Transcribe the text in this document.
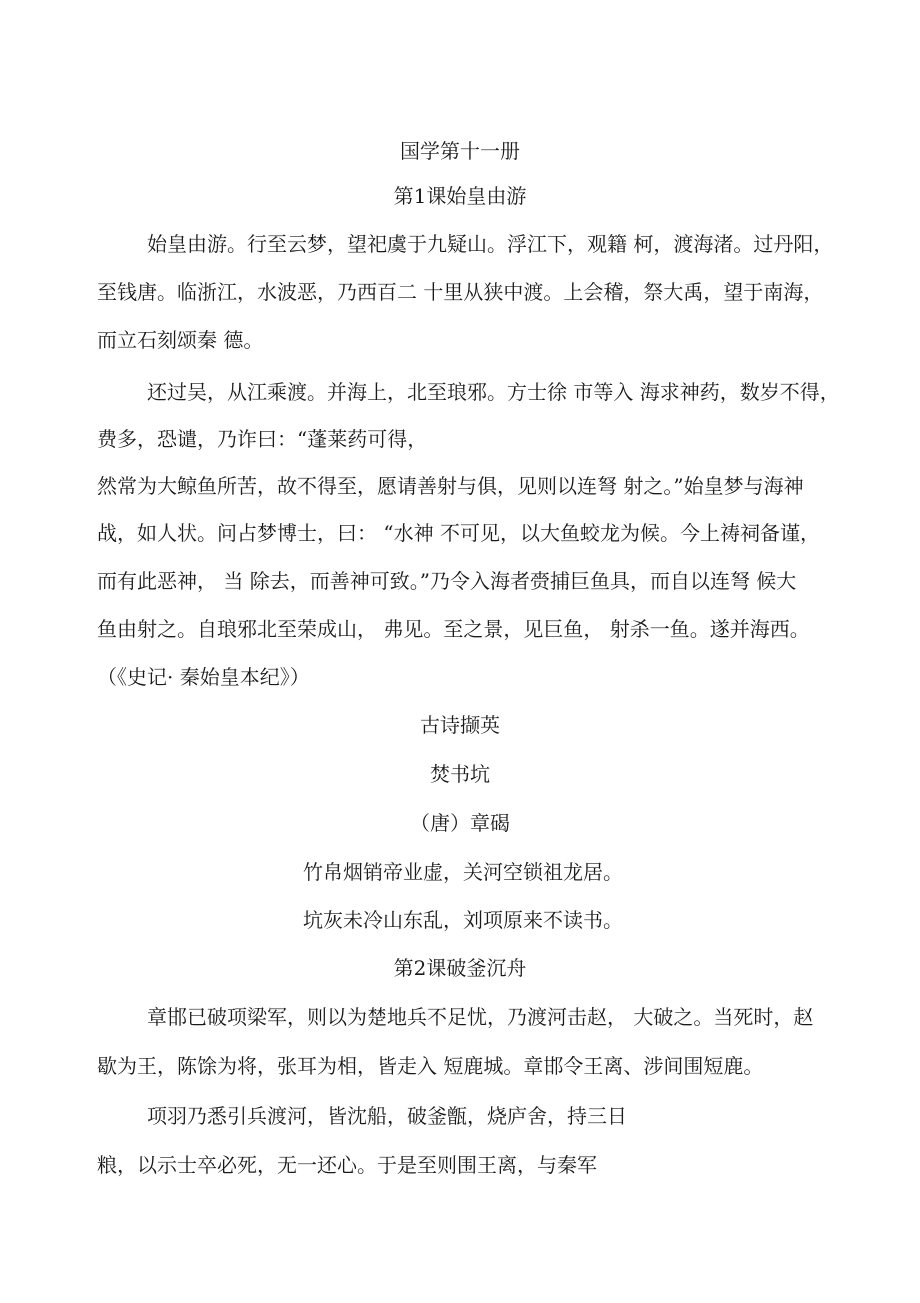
国学第十一册
第1课始皇由游
始皇由游。行至云梦，望祀虞于九疑山。浮江下，观籍 柯，渡海渚。过丹阳，
至钱唐。临浙江，水波恶，乃西百二 十里从狭中渡。上会稽，祭大禹，望于南海，
而立石刻颂秦 德。
还过吴，从江乘渡。并海上，北至琅邪。方士徐 市等入 海求神药，数岁不得，
费多，恐谴，乃诈曰：“蓬莱药可得，
然常为大鲸鱼所苦，故不得至，愿请善射与俱，见则以连弩 射之。”始皇梦与海神
战，如人状。问占梦博士，曰： “水神 不可见，以大鱼蛟龙为候。今上祷祠备谨，
而有此恶神， 当 除去，而善神可致。”乃令入海者赍捕巨鱼具，而自以连弩 候大
鱼由射之。自琅邪北至荣成山， 弗见。至之景，见巨鱼， 射杀一鱼。遂并海西。
（《史记· 秦始皇本纪》）
古诗撷英
焚书坑
（唐）章碣
竹帛烟销帝业虚，关河空锁祖龙居。
坑灰未冷山东乱，刘项原来不读书。
第2课破釜沉舟
章邯已破项梁军，则以为楚地兵不足忧，乃渡河击赵， 大破之。当死时，赵
歇为王，陈馀为将，张耳为相，皆走入 短鹿城。章邯令王离、涉间围短鹿。
项羽乃悉引兵渡河，皆沈船，破釜甑，烧庐舍，持三日
粮，以示士卒必死，无一还心。于是至则围王离，与秦军
